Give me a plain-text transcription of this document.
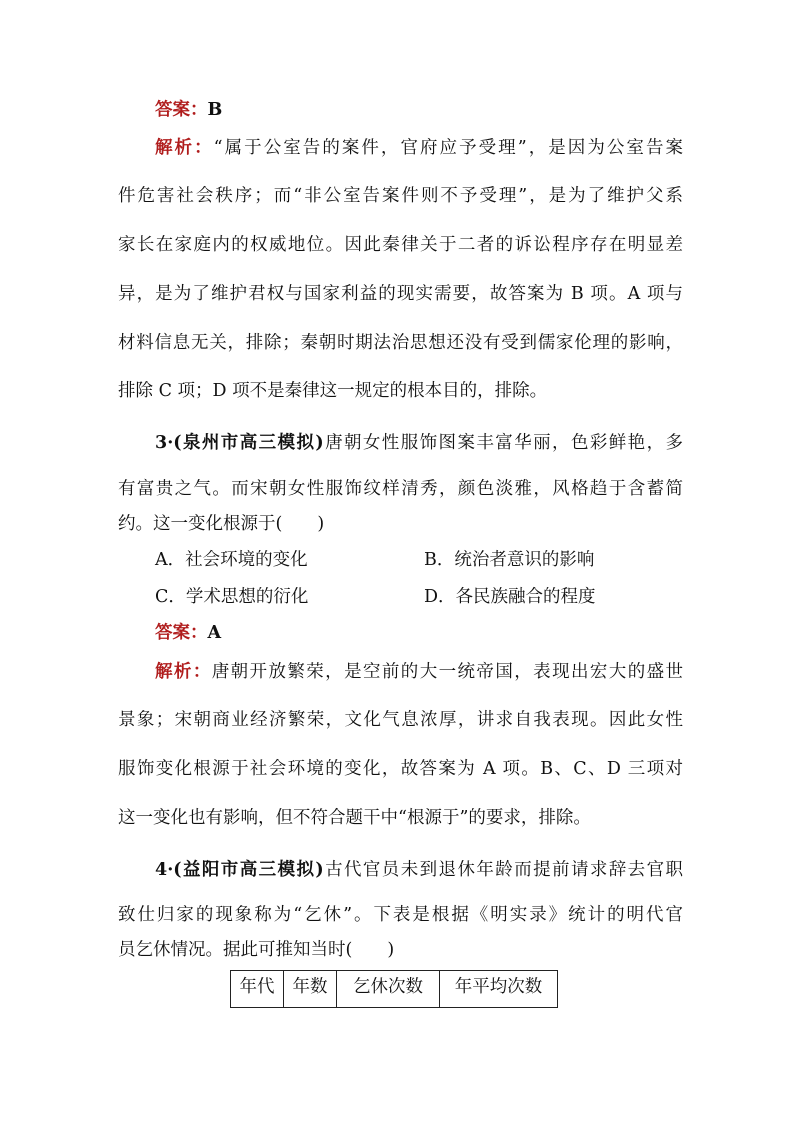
答案：B
解析：“属于公室告的案件，官府应予受理”，是因为公室告案
件危害社会秩序；而“非公室告案件则不予受理”，是为了维护父系
家长在家庭内的权威地位。因此秦律关于二者的诉讼程序存在明显差
异，是为了维护君权与国家利益的现实需要，故答案为 B 项。A 项与
材料信息无关，排除；秦朝时期法治思想还没有受到儒家伦理的影响，
排除 C 项；D 项不是秦律这一规定的根本目的，排除。
3·(泉州市高三模拟)唐朝女性服饰图案丰富华丽，色彩鲜艳，多
有富贵之气。而宋朝女性服饰纹样清秀，颜色淡雅，风格趋于含蓄简
约。这一变化根源于(　　)
A．社会环境的变化	B．统治者意识的影响
C．学术思想的衍化	D．各民族融合的程度
答案：A
解析：唐朝开放繁荣，是空前的大一统帝国，表现出宏大的盛世
景象；宋朝商业经济繁荣，文化气息浓厚，讲求自我表现。因此女性
服饰变化根源于社会环境的变化，故答案为 A 项。B、C、D 三项对
这一变化也有影响，但不符合题干中“根源于”的要求，排除。
4·(益阳市高三模拟)古代官员未到退休年龄而提前请求辞去官职
致仕归家的现象称为“乞休”。下表是根据《明实录》统计的明代官
员乞休情况。据此可推知当时(　　)
年代	年数	乞休次数	年平均次数
